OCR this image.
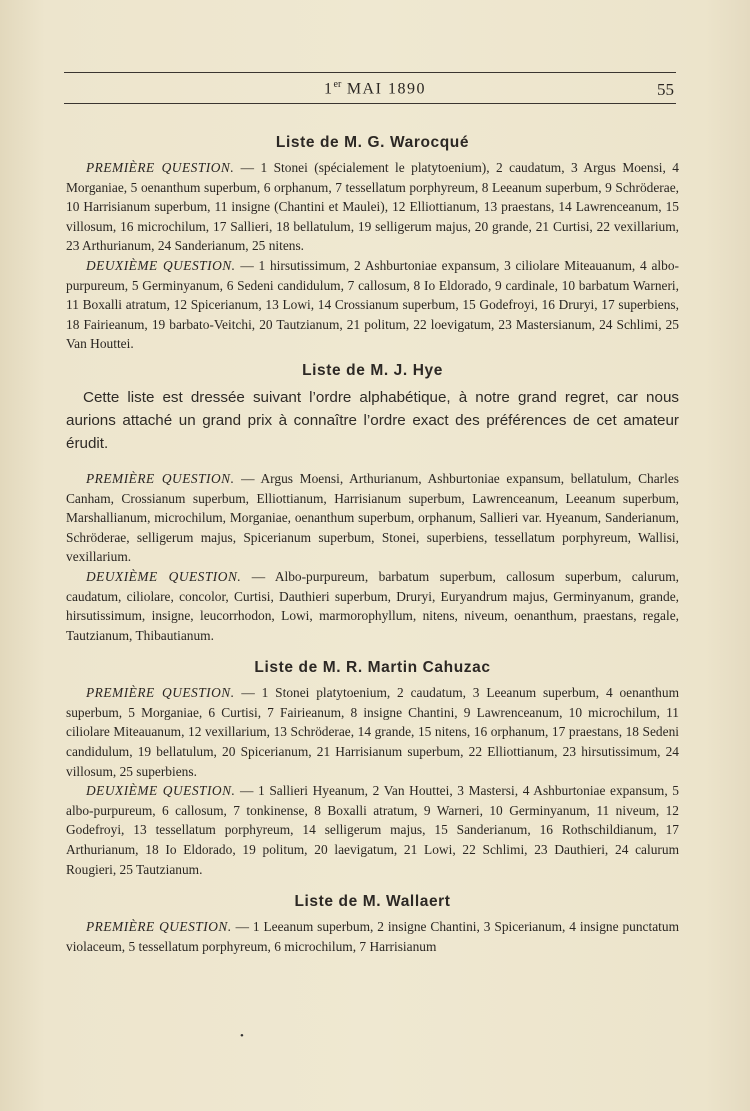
1er MAI 1890	55
Liste de M. G. Warocqué

PREMIÈRE QUESTION. — 1 Stonei (spécialement le platytoenium), 2 caudatum, 3 Argus Moensi, 4 Morganiae, 5 oenanthum superbum, 6 orphanum, 7 tessellatum porphyreum, 8 Leeanum superbum, 9 Schröderae, 10 Harrisianum superbum, 11 insigne (Chantini et Maulei), 12 Elliottianum, 13 praestans, 14 Lawrenceanum, 15 villosum, 16 microchilum, 17 Sallieri, 18 bellatulum, 19 selligerum majus, 20 grande, 21 Curtisi, 22 vexillarium, 23 Arthurianum, 24 Sanderianum, 25 nitens.

DEUXIÈME QUESTION. — 1 hirsutissimum, 2 Ashburtoniae expansum, 3 ciliolare Miteauanum, 4 albo-purpureum, 5 Germinyanum, 6 Sedeni candidulum, 7 callosum, 8 Io Eldorado, 9 cardinale, 10 barbatum Warneri, 11 Boxalli atratum, 12 Spicerianum, 13 Lowi, 14 Crossianum superbum, 15 Godefroyi, 16 Druryi, 17 superbiens, 18 Fairieanum, 19 barbato-Veitchi, 20 Tautzianum, 21 politum, 22 loevigatum, 23 Mastersianum, 24 Schlimi, 25 Van Houttei.

Liste de M. J. Hye

Cette liste est dressée suivant l’ordre alphabétique, à notre grand regret, car nous aurions attaché un grand prix à connaître l’ordre exact des préférences de cet amateur érudit.

PREMIÈRE QUESTION. — Argus Moensi, Arthurianum, Ashburtoniae expansum, bellatulum, Charles Canham, Crossianum superbum, Elliottianum, Harrisianum superbum, Lawrenceanum, Leeanum superbum, Marshallianum, microchilum, Morganiae, oenanthum superbum, orphanum, Sallieri var. Hyeanum, Sanderianum, Schröderae, selligerum majus, Spicerianum superbum, Stonei, superbiens, tessellatum porphyreum, Wallisi, vexillarium.

DEUXIÈME QUESTION. — Albo-purpureum, barbatum superbum, callosum superbum, calurum, caudatum, ciliolare, concolor, Curtisi, Dauthieri superbum, Druryi, Euryandrum majus, Germinyanum, grande, hirsutissimum, insigne, leucorrhodon, Lowi, marmorophyllum, nitens, niveum, oenanthum, praestans, regale, Tautzianum, Thibautianum.

Liste de M. R. Martin Cahuzac

PREMIÈRE QUESTION. — 1 Stonei platytoenium, 2 caudatum, 3 Leeanum superbum, 4 oenanthum superbum, 5 Morganiae, 6 Curtisi, 7 Fairieanum, 8 insigne Chantini, 9 Lawrenceanum, 10 microchilum, 11 ciliolare Miteauanum, 12 vexillarium, 13 Schröderae, 14 grande, 15 nitens, 16 orphanum, 17 praestans, 18 Sedeni candidulum, 19 bellatulum, 20 Spicerianum, 21 Harrisianum superbum, 22 Elliottianum, 23 hirsutissimum, 24 villosum, 25 superbiens.

DEUXIÈME QUESTION. — 1 Sallieri Hyeanum, 2 Van Houttei, 3 Mastersi, 4 Ashburtoniae expansum, 5 albo-purpureum, 6 callosum, 7 tonkinense, 8 Boxalli atratum, 9 Warneri, 10 Germinyanum, 11 niveum, 12 Godefroyi, 13 tessellatum porphyreum, 14 selligerum majus, 15 Sanderianum, 16 Rothschildianum, 17 Arthurianum, 18 Io Eldorado, 19 politum, 20 laevigatum, 21 Lowi, 22 Schlimi, 23 Dauthieri, 24 calurum Rougieri, 25 Tautzianum.

Liste de M. Wallaert

PREMIÈRE QUESTION. — 1 Leeanum superbum, 2 insigne Chantini, 3 Spicerianum, 4 insigne punctatum violaceum, 5 tessellatum porphyreum, 6 microchilum, 7 Harrisianum

•
